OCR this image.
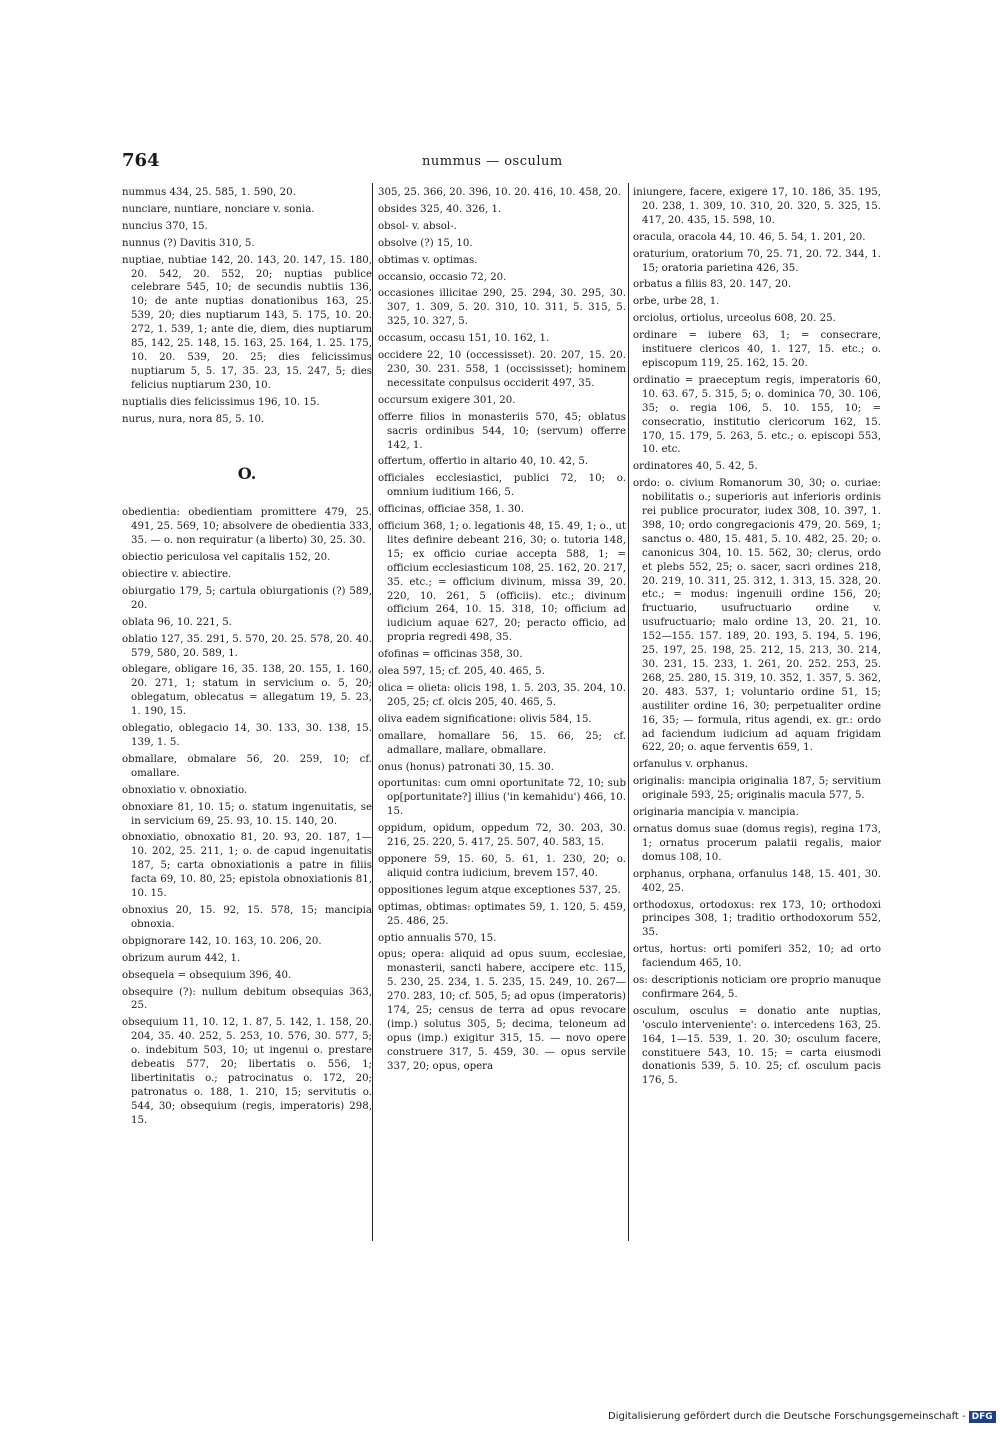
764	nummus — osculum

nummus 434, 25. 585, 1. 590, 20.

nunciare, nuntiare, nonciare v. sonia.

nuncius 370, 15.

nunnus (?) Davitis 310, 5.

nuptiae, nubtiae 142, 20. 143, 20. 147, 15. 180, 20. 542, 20. 552, 20; nuptias publice celebrare 545, 10; de secundis nubtiis 136, 10; de ante nuptias donationibus 163, 25. 539, 20; dies nuptiarum 143, 5. 175, 10. 20. 272, 1. 539, 1; ante die, diem, dies nuptiarum 85, 142, 25. 148, 15. 163, 25. 164, 1. 25. 175, 10. 20. 539, 20. 25; dies felicissimus nuptiarum 5, 5. 17, 35. 23, 15. 247, 5; dies felicius nuptiarum 230, 10.

nuptialis dies felicissimus 196, 10. 15.

nurus, nura, nora 85, 5. 10.

O.

obedientia: obedientiam promittere 479, 25. 491, 25. 569, 10; absolvere de obedientia 333, 35. — o. non requiratur (a liberto) 30, 25. 30.

obiectio periculosa vel capitalis 152, 20.

obiectire v. abiectire.

obiurgatio 179, 5; cartula obiurgationis (?) 589, 20.

oblata 96, 10. 221, 5.

oblatio 127, 35. 291, 5. 570, 20. 25. 578, 20. 40. 579, 580, 20. 589, 1.

oblegare, obligare 16, 35. 138, 20. 155, 1. 160, 20. 271, 1; statum in servicium o. 5, 20; oblegatum, oblecatus = allegatum 19, 5. 23, 1. 190, 15.

oblegatio, oblegacio 14, 30. 133, 30. 138, 15. 139, 1. 5.

obmallare, obmalare 56, 20. 259, 10; cf. omallare.

obnoxiatio v. obnoxiatio.

obnoxiare 81, 10. 15; o. statum ingenuitatis, se in servicium 69, 25. 93, 10. 15. 140, 20.

obnoxiatio, obnoxatio 81, 20. 93, 20. 187, 1—10. 202, 25. 211, 1; o. de capud ingenuitatis 187, 5; carta obnoxiationis a patre in filiis facta 69, 10. 80, 25; epistola obnoxiationis 81, 10. 15.

obnoxius 20, 15. 92, 15. 578, 15; mancipia obnoxia.

obpignorare 142, 10. 163, 10. 206, 20.

obrizum aurum 442, 1.

obsequela = obsequium 396, 40.

obsequire (?): nullum debitum obsequias 363, 25.

obsequium 11, 10. 12, 1. 87, 5. 142, 1. 158, 20. 204, 35. 40. 252, 5. 253, 10. 576, 30. 577, 5; o. indebitum 503, 10; ut ingenui o. prestare debeatis 577, 20; libertatis o. 556, 1; libertinitatis o.; patrocinatus o. 172, 20; patronatus o. 188, 1. 210, 15; servitutis o. 544, 30; obsequium (regis, imperatoris) 298, 15.

305, 25. 366, 20. 396, 10. 20. 416, 10. 458, 20.

obsides 325, 40. 326, 1.

obsol- v. absol-.

obsolve (?) 15, 10.

obtimas v. optimas.

occansio, occasio 72, 20.

occasiones illicitae 290, 25. 294, 30. 295, 30. 307, 1. 309, 5. 20. 310, 10. 311, 5. 315, 5. 325, 10. 327, 5.

occasum, occasu 151, 10. 162, 1.

occidere 22, 10 (occessisset). 20. 207, 15. 20. 230, 30. 231. 558, 1 (occississet); hominem necessitate conpulsus occiderit 497, 35.

occursum exigere 301, 20.

offerre filios in monasteriis 570, 45; oblatus sacris ordinibus 544, 10; (servum) offerre 142, 1.

offertum, offertio in altario 40, 10. 42, 5.

officiales ecclesiastici, publici 72, 10; o. omnium iuditium 166, 5.

officinas, officiae 358, 1. 30.

officium 368, 1; o. legationis 48, 15. 49, 1; o., ut lites definire debeant 216, 30; o. tutoria 148, 15; ex officio curiae accepta 588, 1; = officium ecclesiasticum 108, 25. 162, 20. 217, 35. etc.; = officium divinum, missa 39, 20. 220, 10. 261, 5 (officiis). etc.; divinum officium 264, 10. 15. 318, 10; officium ad iudicium aquae 627, 20; peracto officio, ad propria regredi 498, 35.

ofofinas = officinas 358, 30.

olea 597, 15; cf. 205, 40. 465, 5.

olica = olieta: olicis 198, 1. 5. 203, 35. 204, 10. 205, 25; cf. olcis 205, 40. 465, 5.

oliva eadem significatione: olivis 584, 15.

omallare, homallare 56, 15. 66, 25; cf. admallare, mallare, obmallare.

onus (honus) patronati 30, 15. 30.

oportunitas: cum omni oportunitate 72, 10; sub op[portunitate?] illius ('in kemahidu') 466, 10. 15.

oppidum, opidum, oppedum 72, 30. 203, 30. 216, 25. 220, 5. 417, 25. 507, 40. 583, 15.

opponere 59, 15. 60, 5. 61, 1. 230, 20; o. aliquid contra iudicium, brevem 157, 40.

oppositiones legum atque exceptiones 537, 25.

optimas, obtimas: optimates 59, 1. 120, 5. 459, 25. 486, 25.

optio annualis 570, 15.

opus; opera: aliquid ad opus suum, ecclesiae, monasterii, sancti habere, accipere etc. 115, 5. 230, 25. 234, 1. 5. 235, 15. 249, 10. 267—270. 283, 10; cf. 505, 5; ad opus (imperatoris) 174, 25; census de terra ad opus revocare (imp.) solutus 305, 5; decima, teloneum ad opus (imp.) exigitur 315, 15. — novo opere construere 317, 5. 459, 30. — opus servile 337, 20; opus, opera

iniungere, facere, exigere 17, 10. 186, 35. 195, 20. 238, 1. 309, 10. 310, 20. 320, 5. 325, 15. 417, 20. 435, 15. 598, 10.

oracula, oracola 44, 10. 46, 5. 54, 1. 201, 20.

oraturium, oratorium 70, 25. 71, 20. 72. 344, 1. 15; oratoria parietina 426, 35.

orbatus a filiis 83, 20. 147, 20.

orbe, urbe 28, 1.

orciolus, ortiolus, urceolus 608, 20. 25.

ordinare = iubere 63, 1; = consecrare, instituere clericos 40, 1. 127, 15. etc.; o. episcopum 119, 25. 162, 15. 20.

ordinatio = praeceptum regis, imperatoris 60, 10. 63. 67, 5. 315, 5; o. dominica 70, 30. 106, 35; o. regia 106, 5. 10. 155, 10; = consecratio, institutio clericorum 162, 15. 170, 15. 179, 5. 263, 5. etc.; o. episcopi 553, 10. etc.

ordinatores 40, 5. 42, 5.

ordo: o. civium Romanorum 30, 30; o. curiae: nobilitatis o.; superioris aut inferioris ordinis rei publice procurator, iudex 308, 10. 397, 1. 398, 10; ordo congregacionis 479, 20. 569, 1; sanctus o. 480, 15. 481, 5. 10. 482, 25. 20; o. canonicus 304, 10. 15. 562, 30; clerus, ordo et plebs 552, 25; o. sacer, sacri ordines 218, 20. 219, 10. 311, 25. 312, 1. 313, 15. 328, 20. etc.; = modus: ingenuili ordine 156, 20; fructuario, usufructuario ordine v. usufructuario; malo ordine 13, 20. 21, 10. 152—155. 157. 189, 20. 193, 5. 194, 5. 196, 25. 197, 25. 198, 25. 212, 15. 213, 30. 214, 30. 231, 15. 233, 1. 261, 20. 252. 253, 25. 268, 25. 280, 15. 319, 10. 352, 1. 357, 5. 362, 20. 483. 537, 1; voluntario ordine 51, 15; austiliter ordine 16, 30; perpetualiter ordine 16, 35; — formula, ritus agendi, ex. gr.: ordo ad faciendum iudicium ad aquam frigidam 622, 20; o. aque ferventis 659, 1.

orfanulus v. orphanus.

originalis: mancipia originalia 187, 5; servitium originale 593, 25; originalis macula 577, 5.

originaria mancipia v. mancipia.

ornatus domus suae (domus regis), regina 173, 1; ornatus procerum palatii regalis, maior domus 108, 10.

orphanus, orphana, orfanulus 148, 15. 401, 30. 402, 25.

orthodoxus, ortodoxus: rex 173, 10; orthodoxi principes 308, 1; traditio orthodoxorum 552, 35.

ortus, hortus: orti pomiferi 352, 10; ad orto faciendum 465, 10.

os: descriptionis noticiam ore proprio manuque confirmare 264, 5.

osculum, osculus = donatio ante nuptias, 'osculo interveniente': o. intercedens 163, 25. 164, 1—15. 539, 1. 20. 30; osculum facere, constituere 543, 10. 15; = carta eiusmodi donationis 539, 5. 10. 25; cf. osculum pacis 176, 5.

Digitalisierung gefördert durch die Deutsche Forschungsgemeinschaft - DFG
